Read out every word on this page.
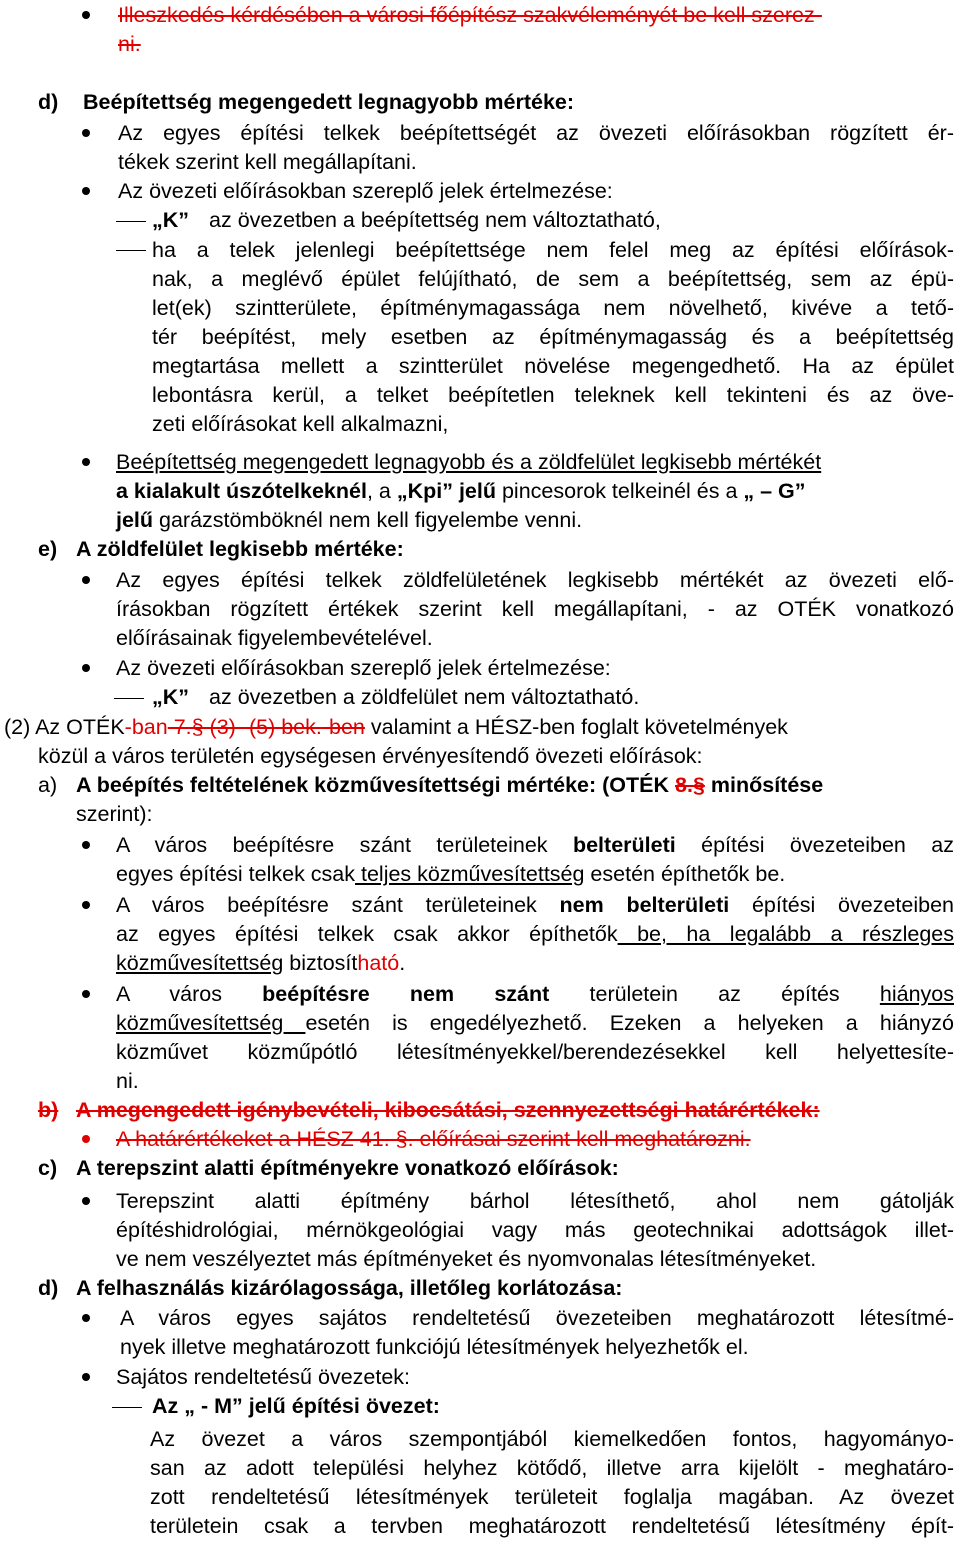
Illeszkedés kérdésében a városi főépítész szakvéleményét be kell szerez-
ni.
d) Beépítettség megengedett legnagyobb mértéke:
Az egyes építési telkek beépítettségét az övezeti előírásokban rögzített ér-
tékek szerint kell megállapítani.
Az övezeti előírásokban szereplő jelek értelmezése:
„K” az övezetben a beépítettség nem változtatható,
ha a telek jelenlegi beépítettsége nem felel meg az építési előírások-
nak, a meglévő épület felújítható, de sem a beépítettség, sem az épü-
let(ek) szintterülete, építménymagassága nem növelhető, kivéve a tető-
tér beépítést, mely esetben az építménymagasság és a beépítettség
megtartása mellett a szintterület növelése megengedhető. Ha az épület
lebontásra kerül, a telket beépítetlen teleknek kell tekinteni és az öve-
zeti előírásokat kell alkalmazni,
Beépítettség megengedett legnagyobb és a zöldfelület legkisebb mértékét
a kialakult úszótelkeknél, a „Kpi” jelű pincesorok telkeinél és a „ – G”
jelű garázstömböknél nem kell figyelembe venni.
e) A zöldfelület legkisebb mértéke:
Az egyes építési telkek zöldfelületének legkisebb mértékét az övezeti elő-
írásokban rögzített értékek szerint kell megállapítani, - az OTÉK vonatkozó
előírásainak figyelembevételével.
Az övezeti előírásokban szereplő jelek értelmezése:
„K” az övezetben a zöldfelület nem változtatható.
(2) Az OTÉK-ban 7.§ (3) -(5) bek.-ben valamint a HÉSZ-ben foglalt követelmények
közül a város területén egységesen érvényesítendő övezeti előírások:
a) A beépítés feltételének közművesítettségi mértéke: (OTÉK 8.§ minősítése
szerint):
A város beépítésre szánt területeinek belterületi építési övezeteiben az
egyes építési telkek csak teljes közművesítettség esetén építhetők be.
A város beépítésre szánt területeinek nem belterületi építési övezeteiben
az egyes építési telkek csak akkor építhetők be, ha legalább a részleges
közművesítettség biztosítható.
A város beépítésre nem szánt területein az építés hiányos
közművesítettség esetén is engedélyezhető. Ezeken a helyeken a hiányzó
közművet közműpótló létesítményekkel/berendezésekkel kell helyettesíte-
ni.
b) A megengedett igénybevételi, kibocsátási, szennyezettségi határértékek:
A határértékeket a HÉSZ 41. §. előírásai szerint kell meghatározni.
c) A terepszint alatti építményekre vonatkozó előírások:
Terepszint alatti építmény bárhol létesíthető, ahol nem gátolják
építéshidrológiai, mérnökgeológiai vagy más geotechnikai adottságok illet-
ve nem veszélyeztet más építményeket és nyomvonalas létesítményeket.
d) A felhasználás kizárólagossága, illetőleg korlátozása:
A város egyes sajátos rendeltetésű övezeteiben meghatározott létesítmé-
nyek illetve meghatározott funkciójú létesítmények helyezhetők el.
Sajátos rendeltetésű övezetek:
Az „ - M” jelű építési övezet:
Az övezet a város szempontjából kiemelkedően fontos, hagyományo-
san az adott települési helyhez kötődő, illetve arra kijelölt - meghatáro-
zott rendeltetésű létesítmények területeit foglalja magában. Az övezet
területein csak a tervben meghatározott rendeltetésű létesítmény épít-
